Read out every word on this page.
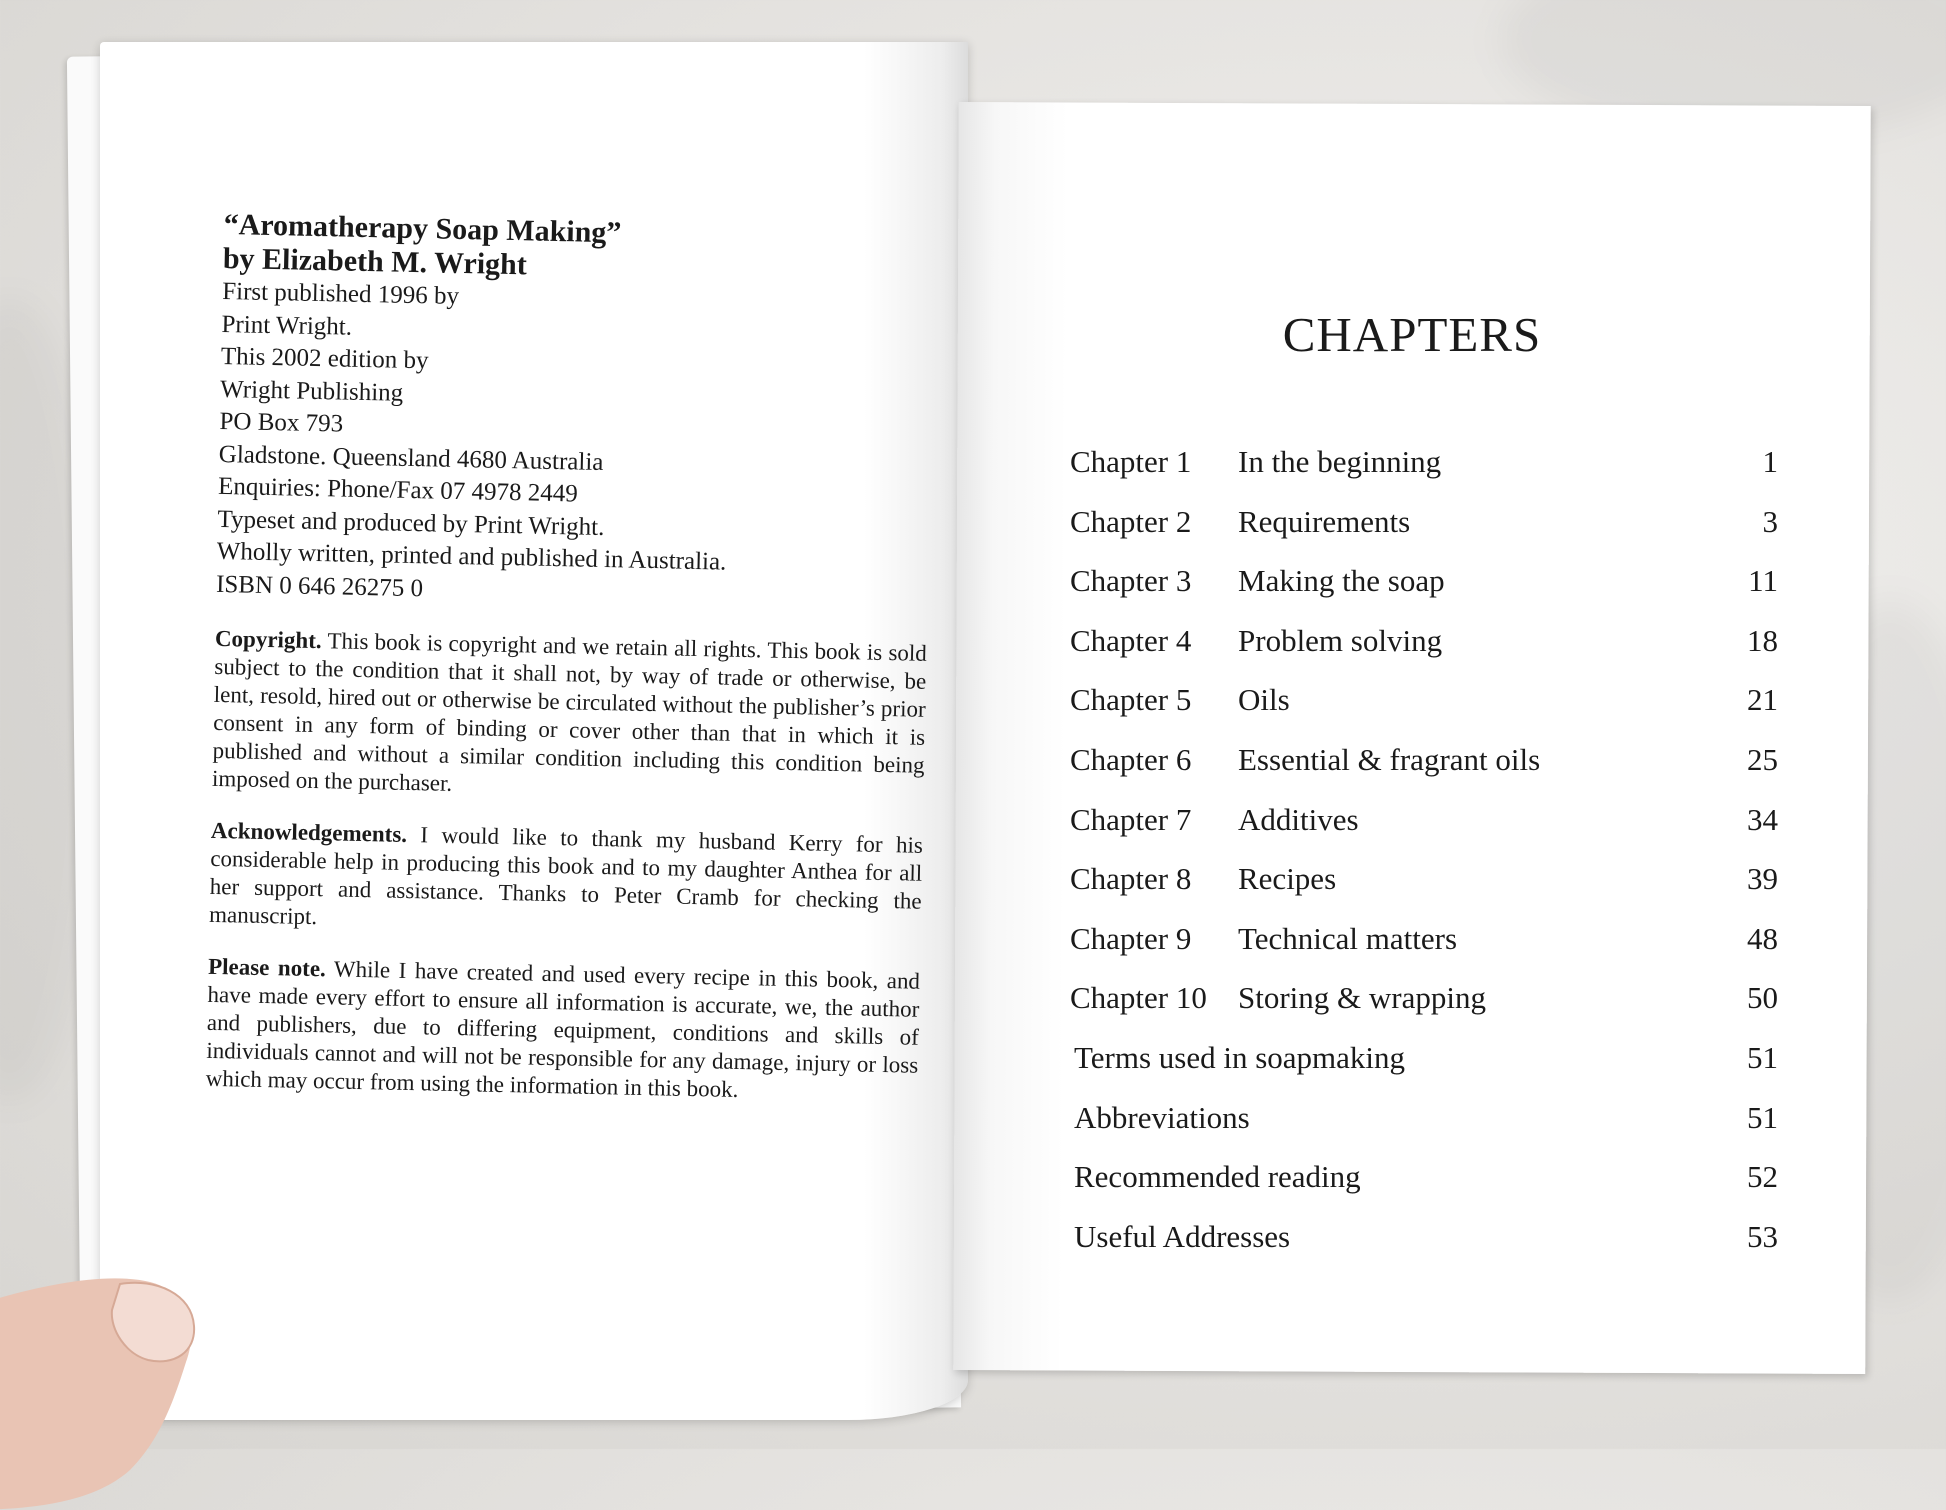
“Aromatherapy Soap Making”

by Elizabeth M. Wright

First published 1996 by

Print Wright.

This 2002 edition by

Wright Publishing

PO Box 793

Gladstone. Queensland 4680 Australia

Enquiries: Phone/Fax 07 4978 2449

Typeset and produced by Print Wright.

Wholly written, printed and published in Australia.

ISBN 0 646 26275 0

Copyright. This book is copyright and we retain all rights. This book is sold subject to the condition that it shall not, by way of trade or otherwise, be lent, resold, hired out or otherwise be circulated without the publisher’s prior consent in any form of binding or cover other than that in which it is published and without a similar condition including this condition being imposed on the purchaser.

Acknowledgements. I would like to thank my husband Kerry for his considerable help in producing this book and to my daughter Anthea for all her support and assistance. Thanks to Peter Cramb for checking the manuscript.

Please note. While I have created and used every recipe in this book, and have made every effort to ensure all information is accurate, we, the author and publishers, due to differing equipment, conditions and skills of individuals cannot and will not be responsible for any damage, injury or loss which may occur from using the information in this book.

CHAPTERS
Chapter 1 In the beginning	1
Chapter 2 Requirements	3
Chapter 3 Making the soap	11
Chapter 4 Problem solving	18
Chapter 5 Oils	21
Chapter 6 Essential & fragrant oils	25
Chapter 7 Additives	34
Chapter 8 Recipes	39
Chapter 9 Technical matters	48
Chapter 10 Storing & wrapping	50
Terms used in soapmaking	51
Abbreviations	51
Recommended reading	52
Useful Addresses	53
